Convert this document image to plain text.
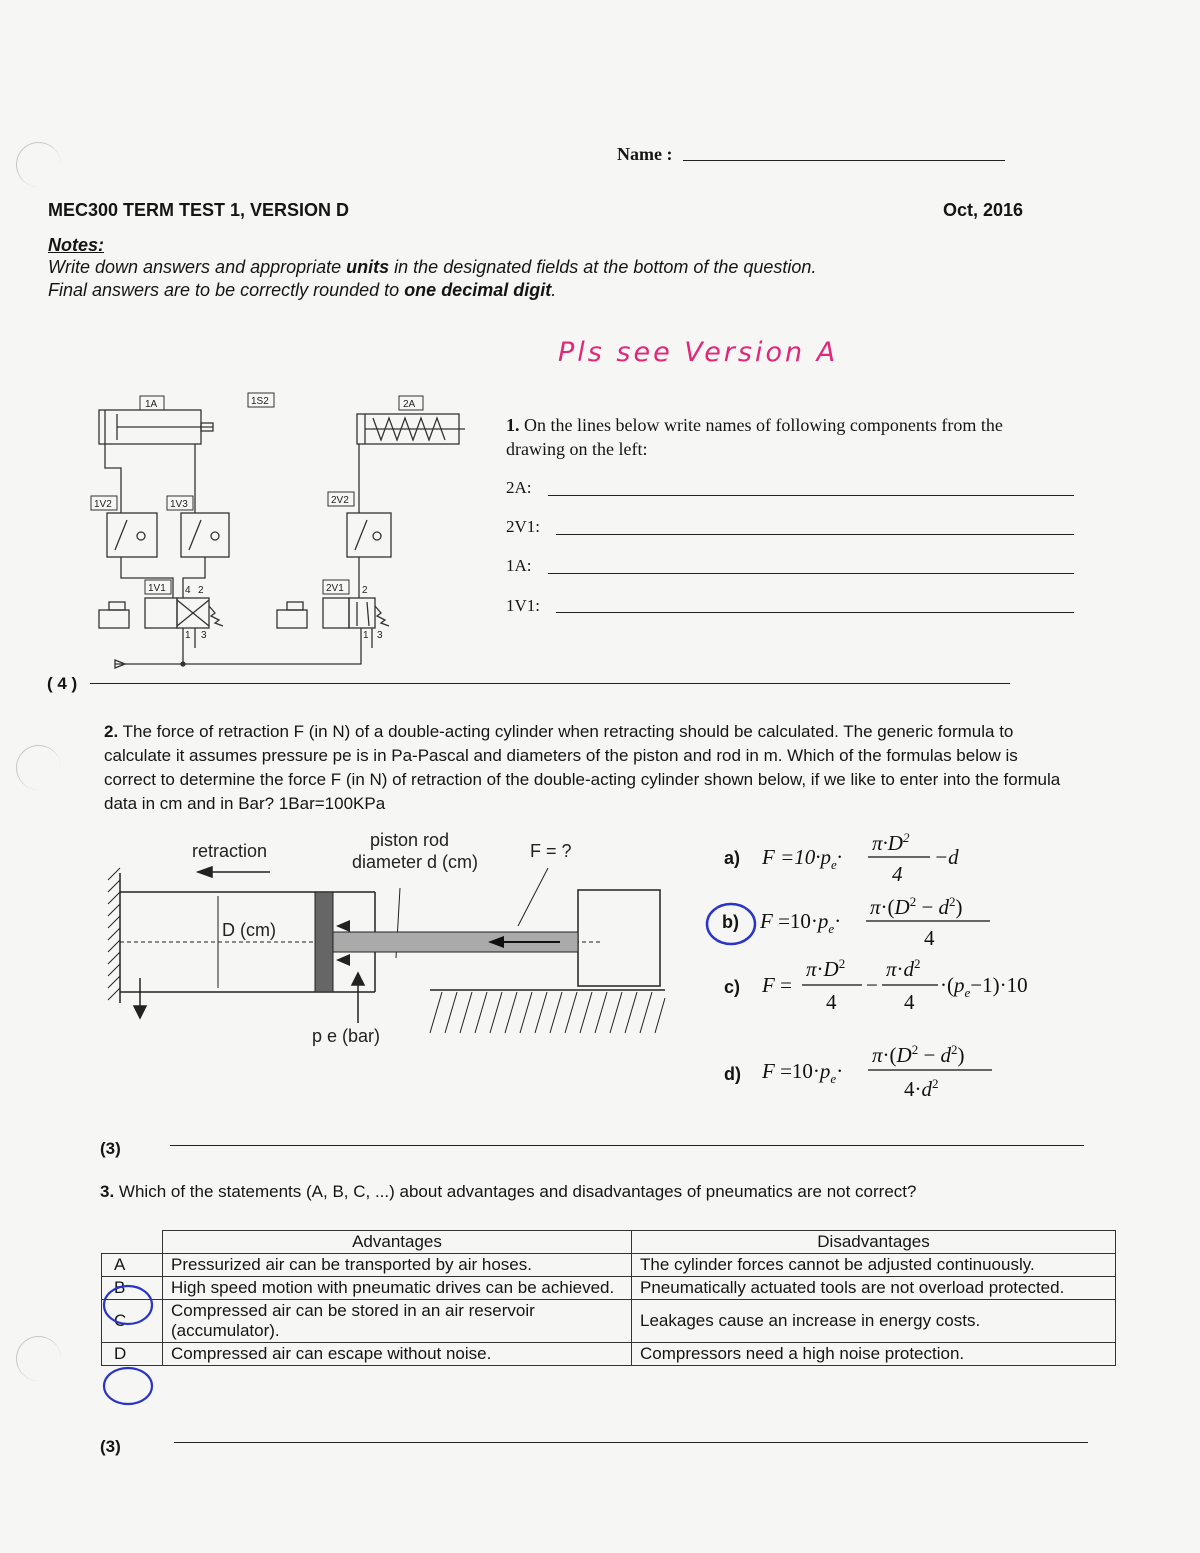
Name :
MEC300 TERM TEST 1, VERSION D	Oct, 2016
Notes:
Write down answers and appropriate units in the designated fields at the bottom of the question.
Final answers are to be correctly rounded to one decimal digit.
Pls see Version A
1A	1S2	2A
1V2	1V3	2V2
1V1	2V1
4 2	2
1 3	1 3
1. On the lines below write names of following components from the drawing on the left:
2A:
2V1:
1A:
1V1:
( 4 )
2. The force of retraction F (in N) of a double-acting cylinder when retracting should be calculated. The generic formula to calculate it assumes pressure pe is in Pa-Pascal and diameters of the piston and rod in m. Which of the formulas below is correct to determine the force F (in N) of retraction of the double-acting cylinder shown below, if we like to enter into the formula data in cm and in Bar? 1Bar=100KPa
retraction
piston rod
diameter d (cm)
F = ?
D (cm)
p e (bar)
a) $F =10\cdot p_e\cdot$
$\pi\cdot D^2$
4
−d
b) $F =10\cdot p_e\cdot$
$\pi\cdot(D^2 - d^2)$
4
c) F =
$\pi\cdot D^2$
4
−
$\pi\cdot d^2$
4
$\cdot(p_e-1)\cdot 10$
d) $F =10\cdot p_e\cdot$
$\pi\cdot(D^2 - d^2)$
$4\cdot d^2$
(3)
3. Which of the statements (A, B, C, ...) about advantages and disadvantages of pneumatics are not correct?
	Advantages	Disadvantages
A	Pressurized air can be transported by air hoses.	The cylinder forces cannot be adjusted continuously.
B	High speed motion with pneumatic drives can be achieved.	Pneumatically actuated tools are not overload protected.
C	Compressed air can be stored in an air reservoir (accumulator).	Leakages cause an increase in energy costs.
D	Compressed air can escape without noise.	Compressors need a high noise protection.
(3)
